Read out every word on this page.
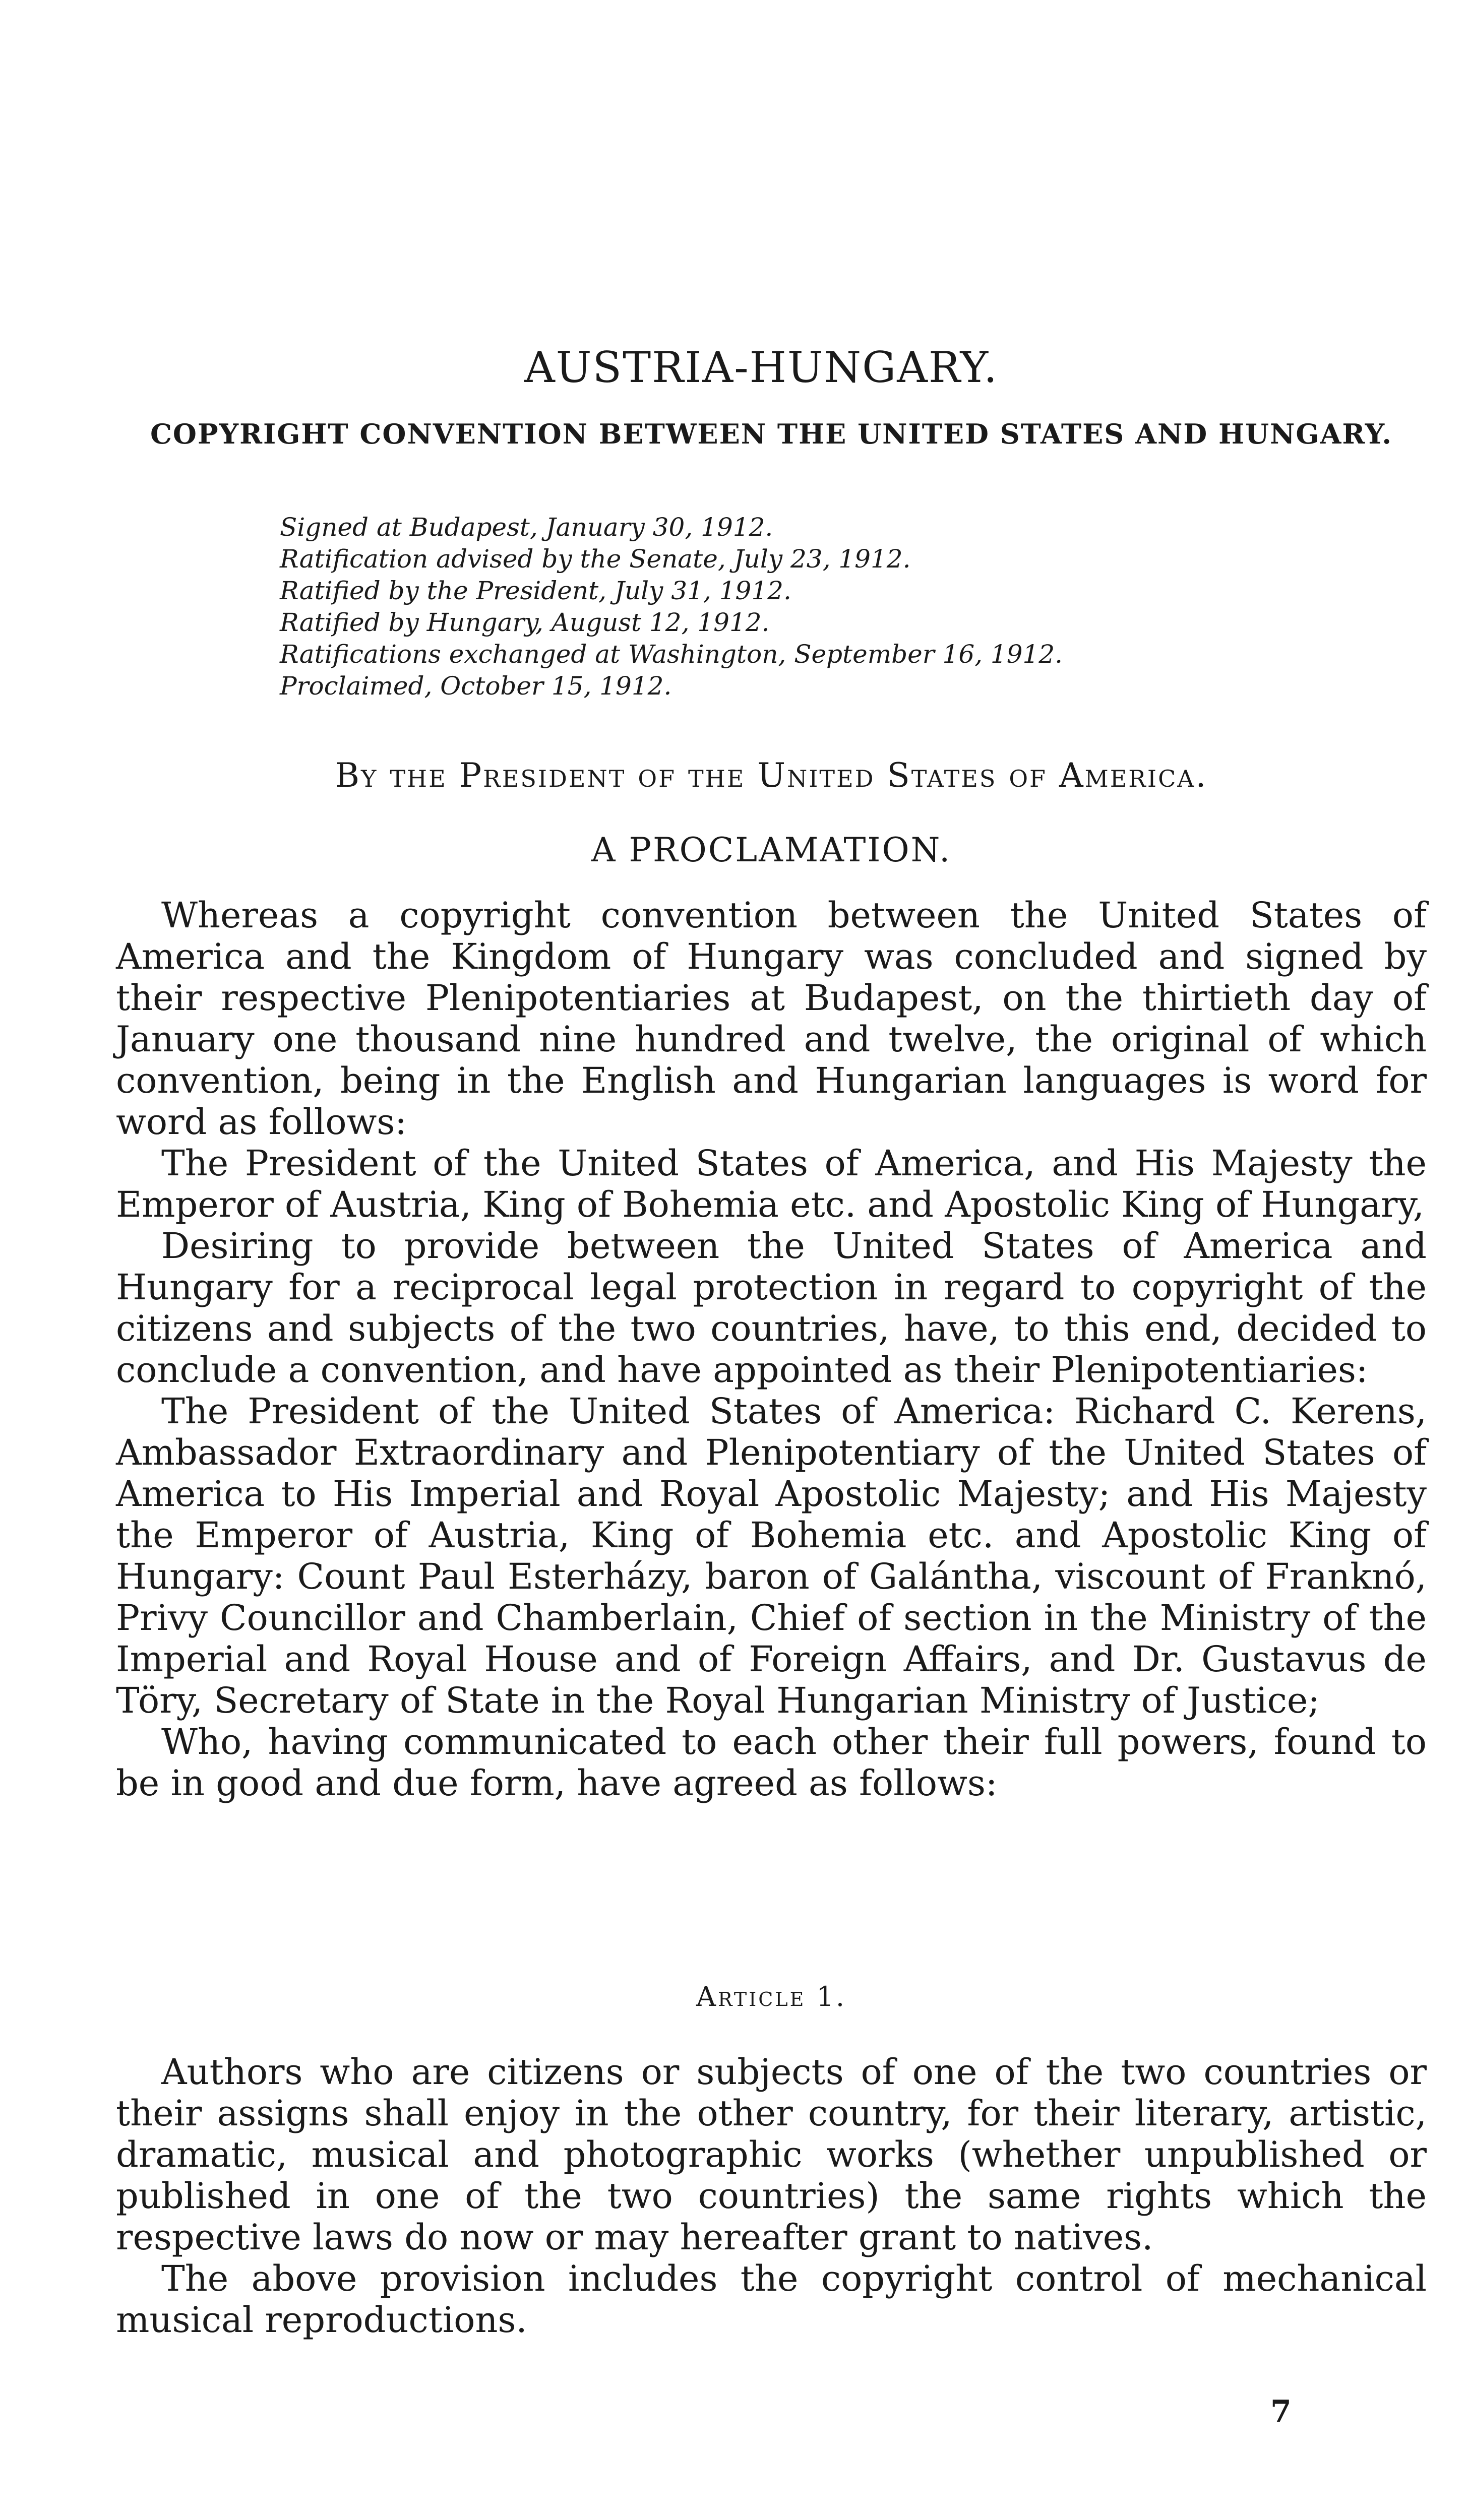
AUSTRIA-HUNGARY.
COPYRIGHT CONVENTION BETWEEN THE UNITED STATES AND HUNGARY.
Signed at Budapest, January 30, 1912.
Ratification advised by the Senate, July 23, 1912.
Ratified by the President, July 31, 1912.
Ratified by Hungary, August 12, 1912.
Ratifications exchanged at Washington, September 16, 1912.
Proclaimed, October 15, 1912.
By the President of the United States of America.
A PROCLAMATION.

Whereas a copyright convention between the United States of America and the Kingdom of Hungary was concluded and signed by their respective Plenipotentiaries at Budapest, on the thirtieth day of January one thousand nine hundred and twelve, the original of which convention, being in the English and Hungarian languages is word for word as follows:

The President of the United States of America, and His Majesty the Emperor of Austria, King of Bohemia etc. and Apostolic King of Hungary,

Desiring to provide between the United States of America and Hungary for a reciprocal legal protection in regard to copyright of the citizens and subjects of the two countries, have, to this end, decided to conclude a convention, and have appointed as their Plenipotentiaries:

The President of the United States of America: Richard C. Kerens, Ambassador Extraordinary and Plenipotentiary of the United States of America to His Imperial and Royal Apostolic Majesty; and His Majesty the Emperor of Austria, King of Bohemia etc. and Apostolic King of Hungary: Count Paul Esterházy, baron of Galántha, viscount of Franknó, Privy Councillor and Chamberlain, Chief of section in the Ministry of the Imperial and Royal House and of Foreign Affairs, and Dr. Gustavus de Töry, Secretary of State in the Royal Hungarian Ministry of Justice;

Who, having communicated to each other their full powers, found to be in good and due form, have agreed as follows:

Article 1.

Authors who are citizens or subjects of one of the two countries or their assigns shall enjoy in the other country, for their literary, artistic, dramatic, musical and photographic works (whether unpublished or published in one of the two countries) the same rights which the respective laws do now or may hereafter grant to natives.

The above provision includes the copyright control of mechanical musical reproductions.

7
